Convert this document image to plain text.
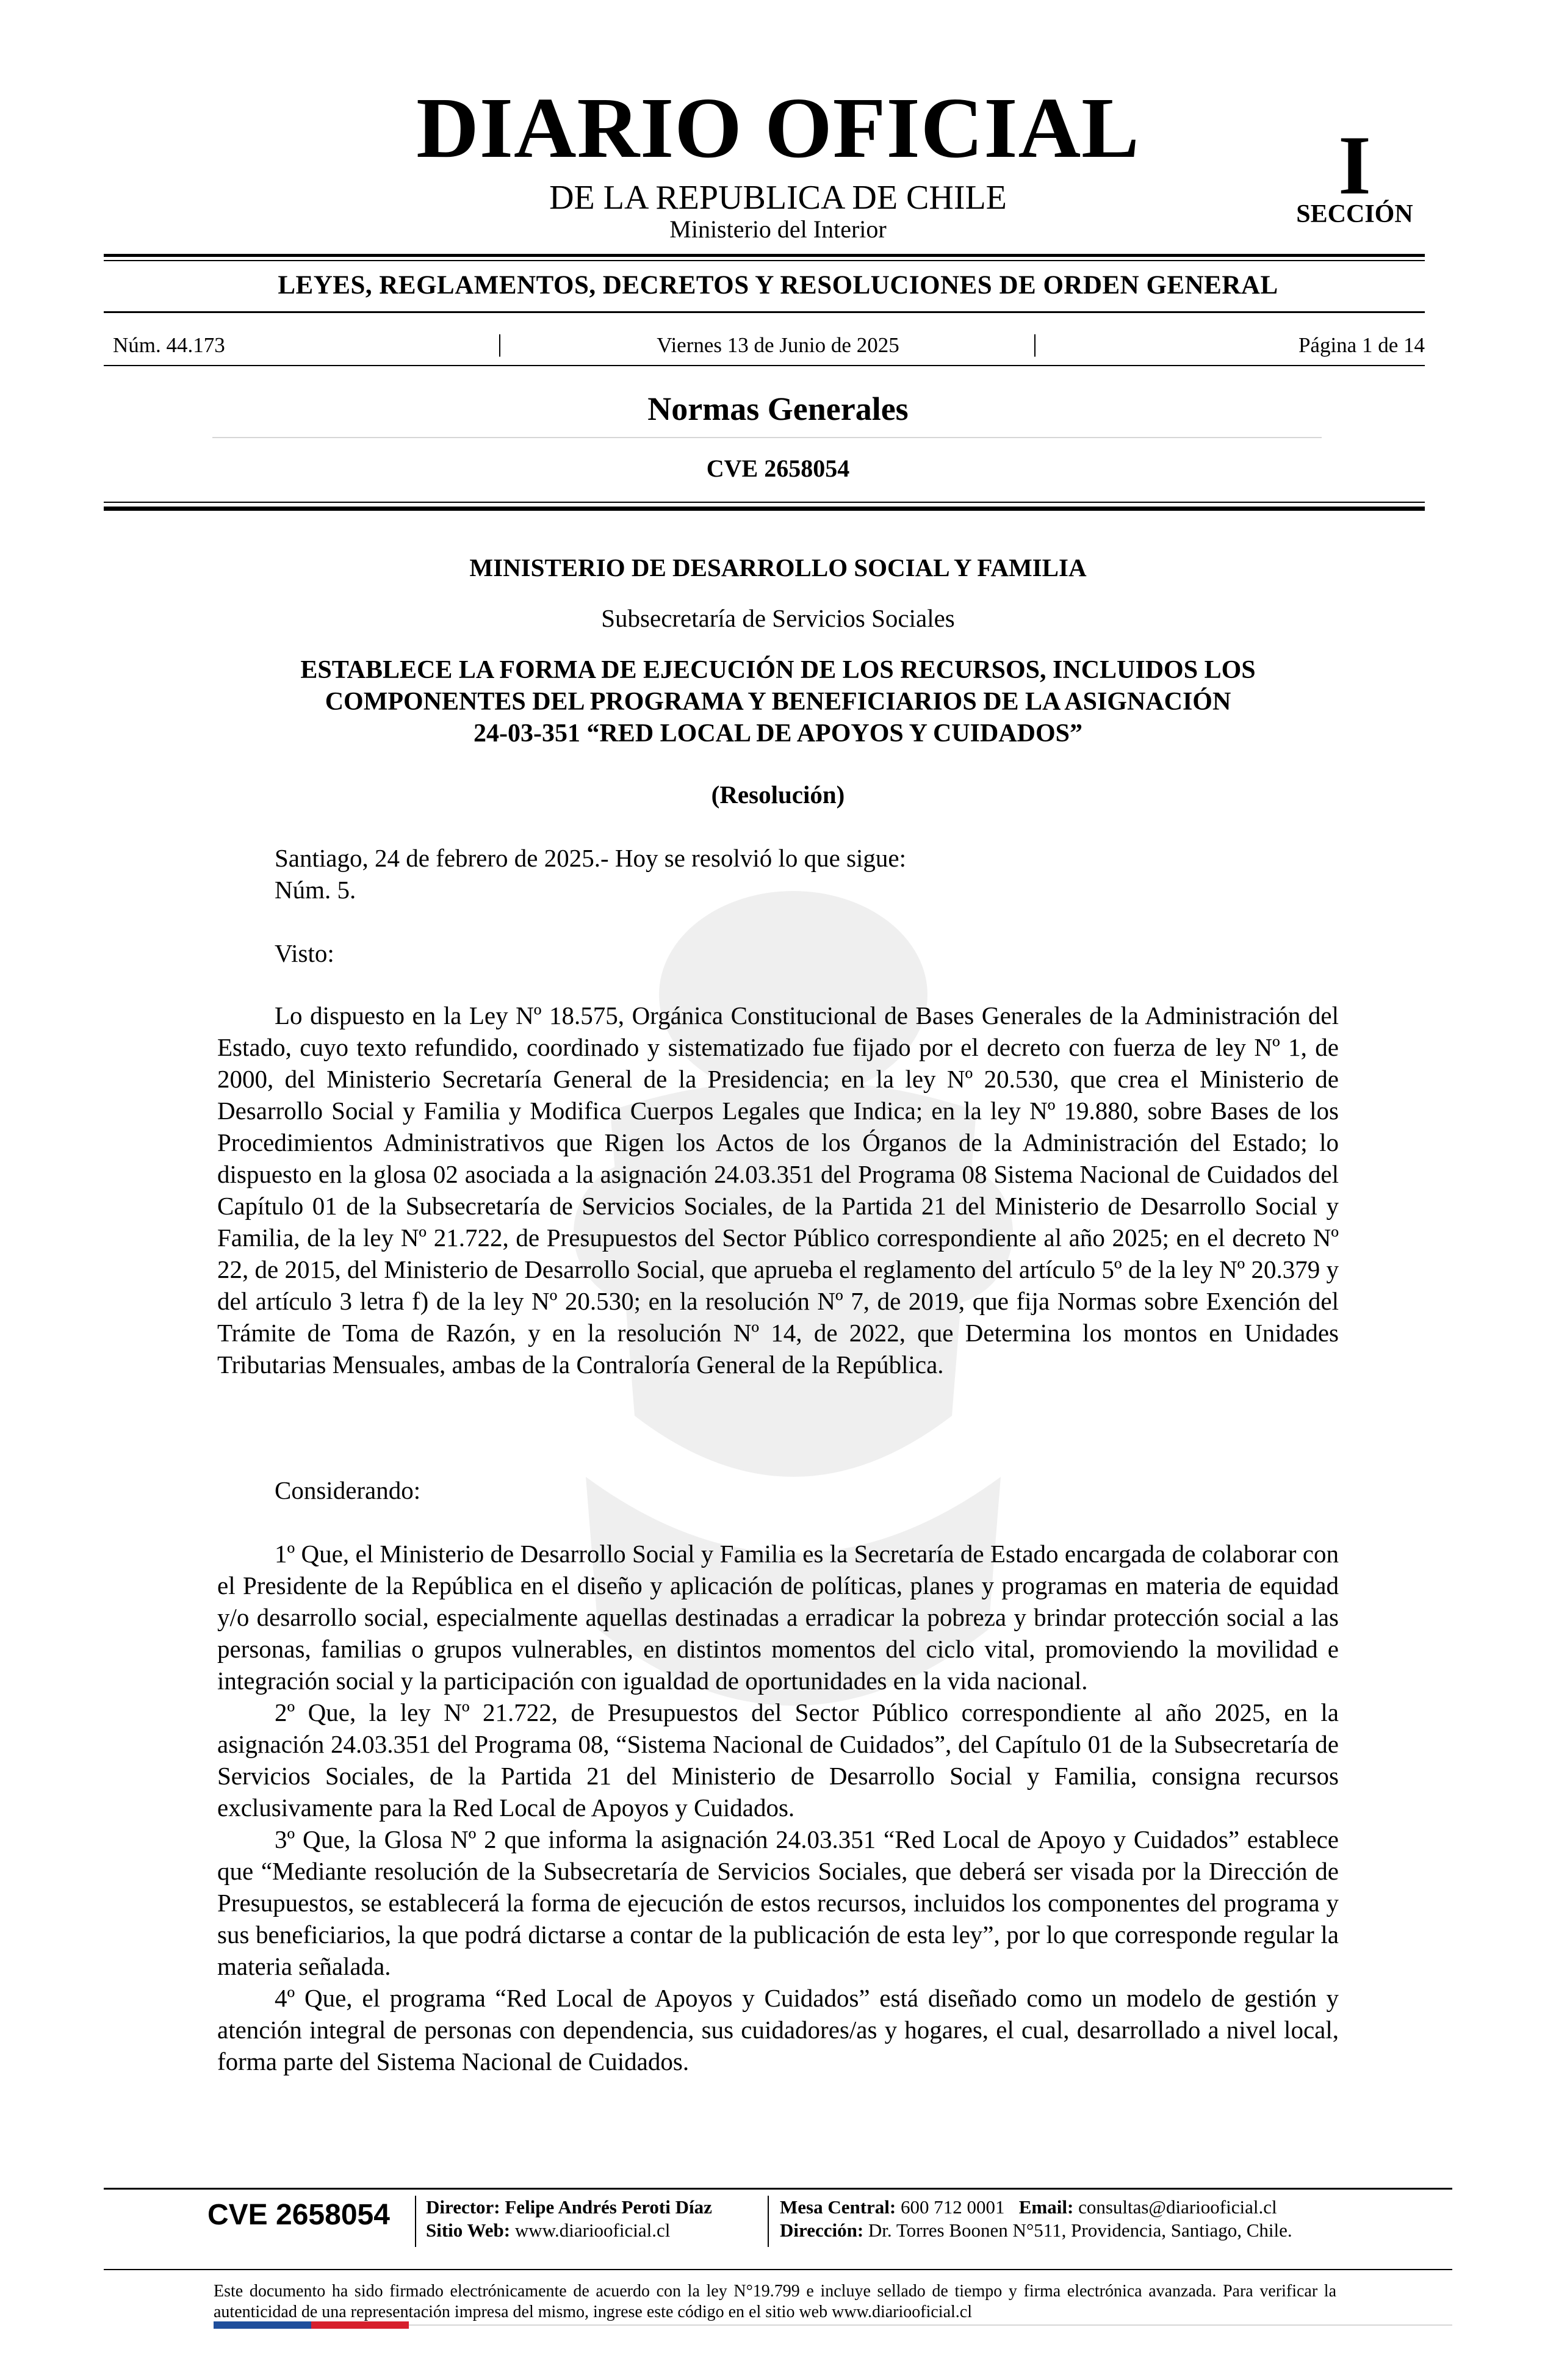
DIARIO OFICIAL
DE LA REPUBLICA DE CHILE
Ministerio del Interior
I
SECCIÓN
LEYES, REGLAMENTOS, DECRETOS Y RESOLUCIONES DE ORDEN GENERAL
Núm. 44.173	|	Viernes 13 de Junio de 2025	|	Página 1 de 14
Normas Generales
CVE 2658054
MINISTERIO DE DESARROLLO SOCIAL Y FAMILIA
Subsecretaría de Servicios Sociales
ESTABLECE LA FORMA DE EJECUCIÓN DE LOS RECURSOS, INCLUIDOS LOS
COMPONENTES DEL PROGRAMA Y BENEFICIARIOS DE LA ASIGNACIÓN
24-03-351 “RED LOCAL DE APOYOS Y CUIDADOS”
(Resolución)
Santiago, 24 de febrero de 2025.- Hoy se resolvió lo que sigue:
Núm. 5.
Visto:

Lo dispuesto en la Ley Nº 18.575, Orgánica Constitucional de Bases Generales de la Administración del Estado, cuyo texto refundido, coordinado y sistematizado fue fijado por el decreto con fuerza de ley Nº 1, de 2000, del Ministerio Secretaría General de la Presidencia; en la ley Nº 20.530, que crea el Ministerio de Desarrollo Social y Familia y Modifica Cuerpos Legales que Indica; en la ley Nº 19.880, sobre Bases de los Procedimientos Administrativos que Rigen los Actos de los Órganos de la Administración del Estado; lo dispuesto en la glosa 02 asociada a la asignación 24.03.351 del Programa 08 Sistema Nacional de Cuidados del Capítulo 01 de la Subsecretaría de Servicios Sociales, de la Partida 21 del Ministerio de Desarrollo Social y Familia, de la ley Nº 21.722, de Presupuestos del Sector Público correspondiente al año 2025; en el decreto Nº 22, de 2015, del Ministerio de Desarrollo Social, que aprueba el reglamento del artículo 5º de la ley Nº 20.379 y del artículo 3 letra f) de la ley Nº 20.530; en la resolución Nº 7, de 2019, que fija Normas sobre Exención del Trámite de Toma de Razón, y en la resolución Nº 14, de 2022, que Determina los montos en Unidades Tributarias Mensuales, ambas de la Contraloría General de la República.

Considerando:

1º Que, el Ministerio de Desarrollo Social y Familia es la Secretaría de Estado encargada de colaborar con el Presidente de la República en el diseño y aplicación de políticas, planes y programas en materia de equidad y/o desarrollo social, especialmente aquellas destinadas a erradicar la pobreza y brindar protección social a las personas, familias o grupos vulnerables, en distintos momentos del ciclo vital, promoviendo la movilidad e integración social y la participación con igualdad de oportunidades en la vida nacional.

2º Que, la ley Nº 21.722, de Presupuestos del Sector Público correspondiente al año 2025, en la asignación 24.03.351 del Programa 08, “Sistema Nacional de Cuidados”, del Capítulo 01 de la Subsecretaría de Servicios Sociales, de la Partida 21 del Ministerio de Desarrollo Social y Familia, consigna recursos exclusivamente para la Red Local de Apoyos y Cuidados.

3º Que, la Glosa Nº 2 que informa la asignación 24.03.351 “Red Local de Apoyo y Cuidados” establece que “Mediante resolución de la Subsecretaría de Servicios Sociales, que deberá ser visada por la Dirección de Presupuestos, se establecerá la forma de ejecución de estos recursos, incluidos los componentes del programa y sus beneficiarios, la que podrá dictarse a contar de la publicación de esta ley”, por lo que corresponde regular la materia señalada.

4º Que, el programa “Red Local de Apoyos y Cuidados” está diseñado como un modelo de gestión y atención integral de personas con dependencia, sus cuidadores/as y hogares, el cual, desarrollado a nivel local, forma parte del Sistema Nacional de Cuidados.

CVE 2658054 Director: Felipe Andrés Peroti Díaz
Sitio Web: www.diariooficial.cl
Mesa Central: 600 712 0001 Email: consultas@diariooficial.cl
Dirección: Dr. Torres Boonen N°511, Providencia, Santiago, Chile.
Este documento ha sido firmado electrónicamente de acuerdo con la ley N°19.799 e incluye sellado de tiempo y firma electrónica avanzada. Para verificar la autenticidad de una representación impresa del mismo, ingrese este código en el sitio web www.diariooficial.cl
